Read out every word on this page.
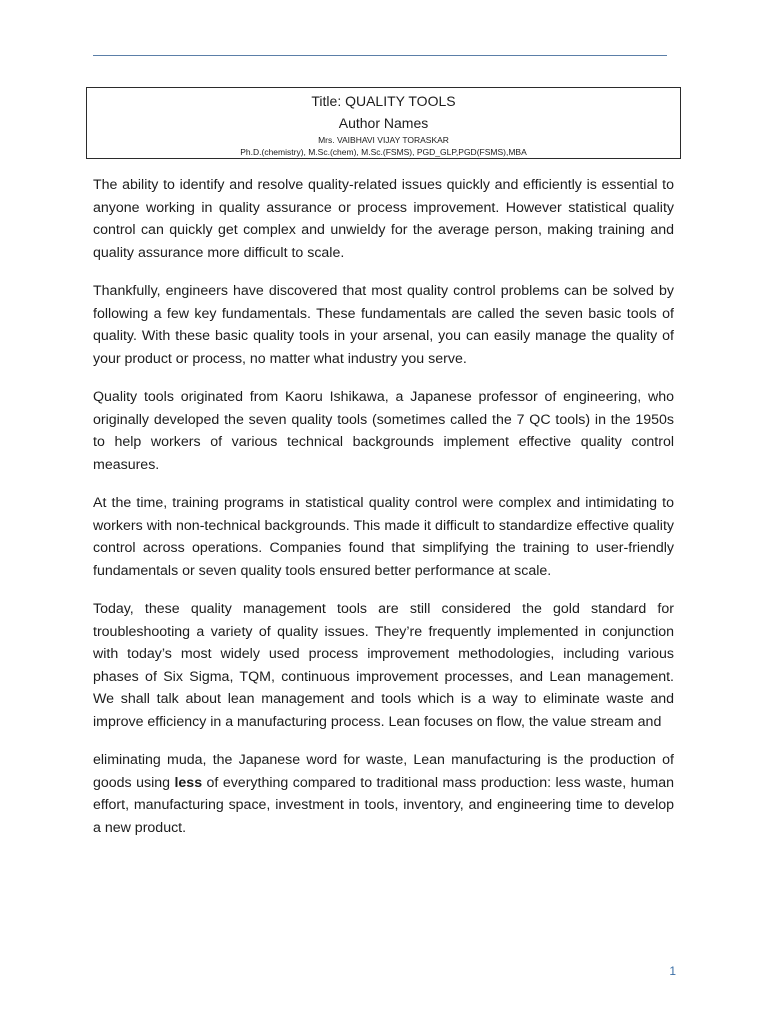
Title: QUALITY TOOLS
Author Names
Mrs. VAIBHAVI VIJAY TORASKAR
Ph.D.(chemistry), M.Sc.(chem), M.Sc.(FSMS), PGD_GLP,PGD(FSMS),MBA

The ability to identify and resolve quality-related issues quickly and efficiently is essential to anyone working in quality assurance or process improvement. However statistical quality control can quickly get complex and unwieldy for the average person, making training and quality assurance more difficult to scale.

Thankfully, engineers have discovered that most quality control problems can be solved by following a few key fundamentals. These fundamentals are called the seven basic tools of quality. With these basic quality tools in your arsenal, you can easily manage the quality of your product or process, no matter what industry you serve.

Quality tools originated from Kaoru Ishikawa, a Japanese professor of engineering, who originally developed the seven quality tools (sometimes called the 7 QC tools) in the 1950s to help workers of various technical backgrounds implement effective quality control measures.

At the time, training programs in statistical quality control were complex and intimidating to workers with non-technical backgrounds. This made it difficult to standardize effective quality control across operations. Companies found that simplifying the training to user-friendly fundamentals or seven quality tools ensured better performance at scale.

Today, these quality management tools are still considered the gold standard for troubleshooting a variety of quality issues. They’re frequently implemented in conjunction with today’s most widely used process improvement methodologies, including various phases of Six Sigma, TQM, continuous improvement processes, and Lean management. We shall talk about lean management and tools which is a way to eliminate waste and improve efficiency in a manufacturing process. Lean focuses on flow, the value stream and

eliminating muda, the Japanese word for waste, Lean manufacturing is the production of goods using less of everything compared to traditional mass production: less waste, human effort, manufacturing space, investment in tools, inventory, and engineering time to develop a new product.

1
